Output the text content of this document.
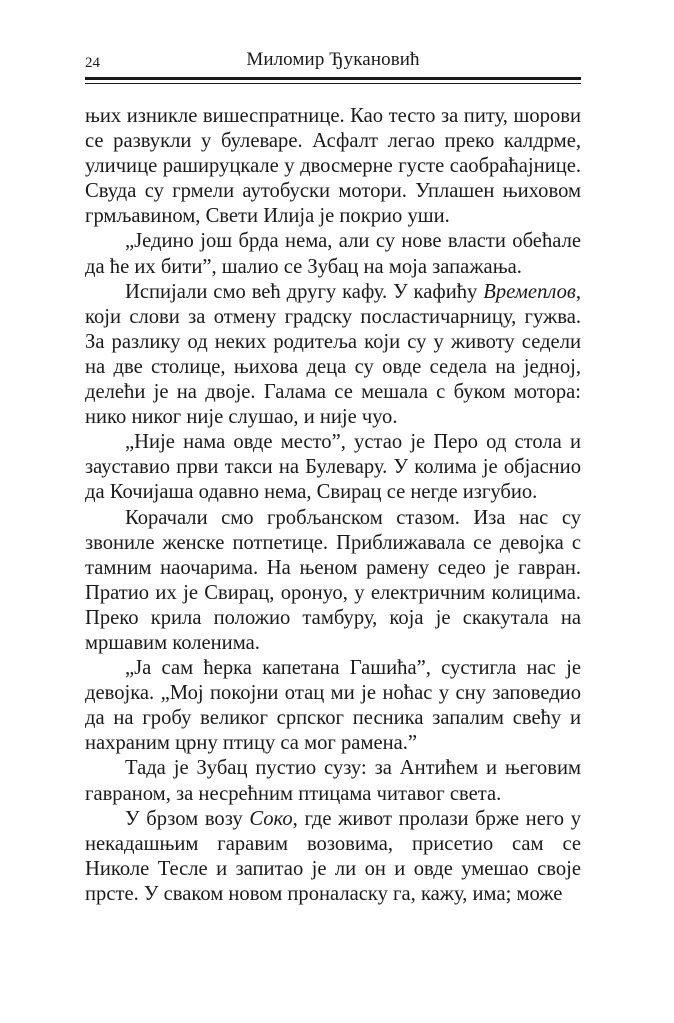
24	Миломир Ђукановић

њих изникле вишеспратнице. Као тесто за питу, шорови се развукли у булеваре. Асфалт легао преко калдрме, уличице рашируцкале у двосмерне густе саобраћајнице. Свуда су грмели аутобуски мотори. Уплашен њиховом грмљавином, Свети Илија је покрио уши.

„Једино још брда нема, али су нове власти обећале да ће их бити”, шалио се Зубац на моја запажања.

Испијали смо већ другу кафу. У кафићу Времеплов, који слови за отмену градску посластичарницу, гужва. За разлику од неких родитеља који су у животу седели на две столице, њихова деца су овде седела на једној, делећи је на двоје. Галама се мешала с буком мотора: нико никог није слушао, и није чуо.

„Није нама овде место”, устао је Перо од стола и зауставио први такси на Булевару. У колима је објаснио да Кочијаша одавно нема, Свирац се негде изгубио.

Корачали смо гробљанском стазом. Иза нас су звониле женске потпетице. Приближавала се девојка с тамним наочарима. На њеном рамену седео је гавран. Пратио их је Свирац, оронуо, у електричним колицима. Преко крила положио тамбуру, која је скакутала на мршавим коленима.

„Ја сам ћерка капетана Гашића”, сустигла нас је девојка. „Мој покојни отац ми је ноћас у сну заповедио да на гробу великог српског песника запалим свећу и нахраним црну птицу са мог рамена.”

Тада је Зубац пустио сузу: за Антићем и његовим гавраном, за несрећним птицама читавог света.

У брзом возу Соко, где живот пролази брже него у некадашњим гаравим возовима, присетио сам се Николе Тесле и запитао је ли он и овде умешао своје прсте. У сваком новом проналаску га, кажу, има; може
